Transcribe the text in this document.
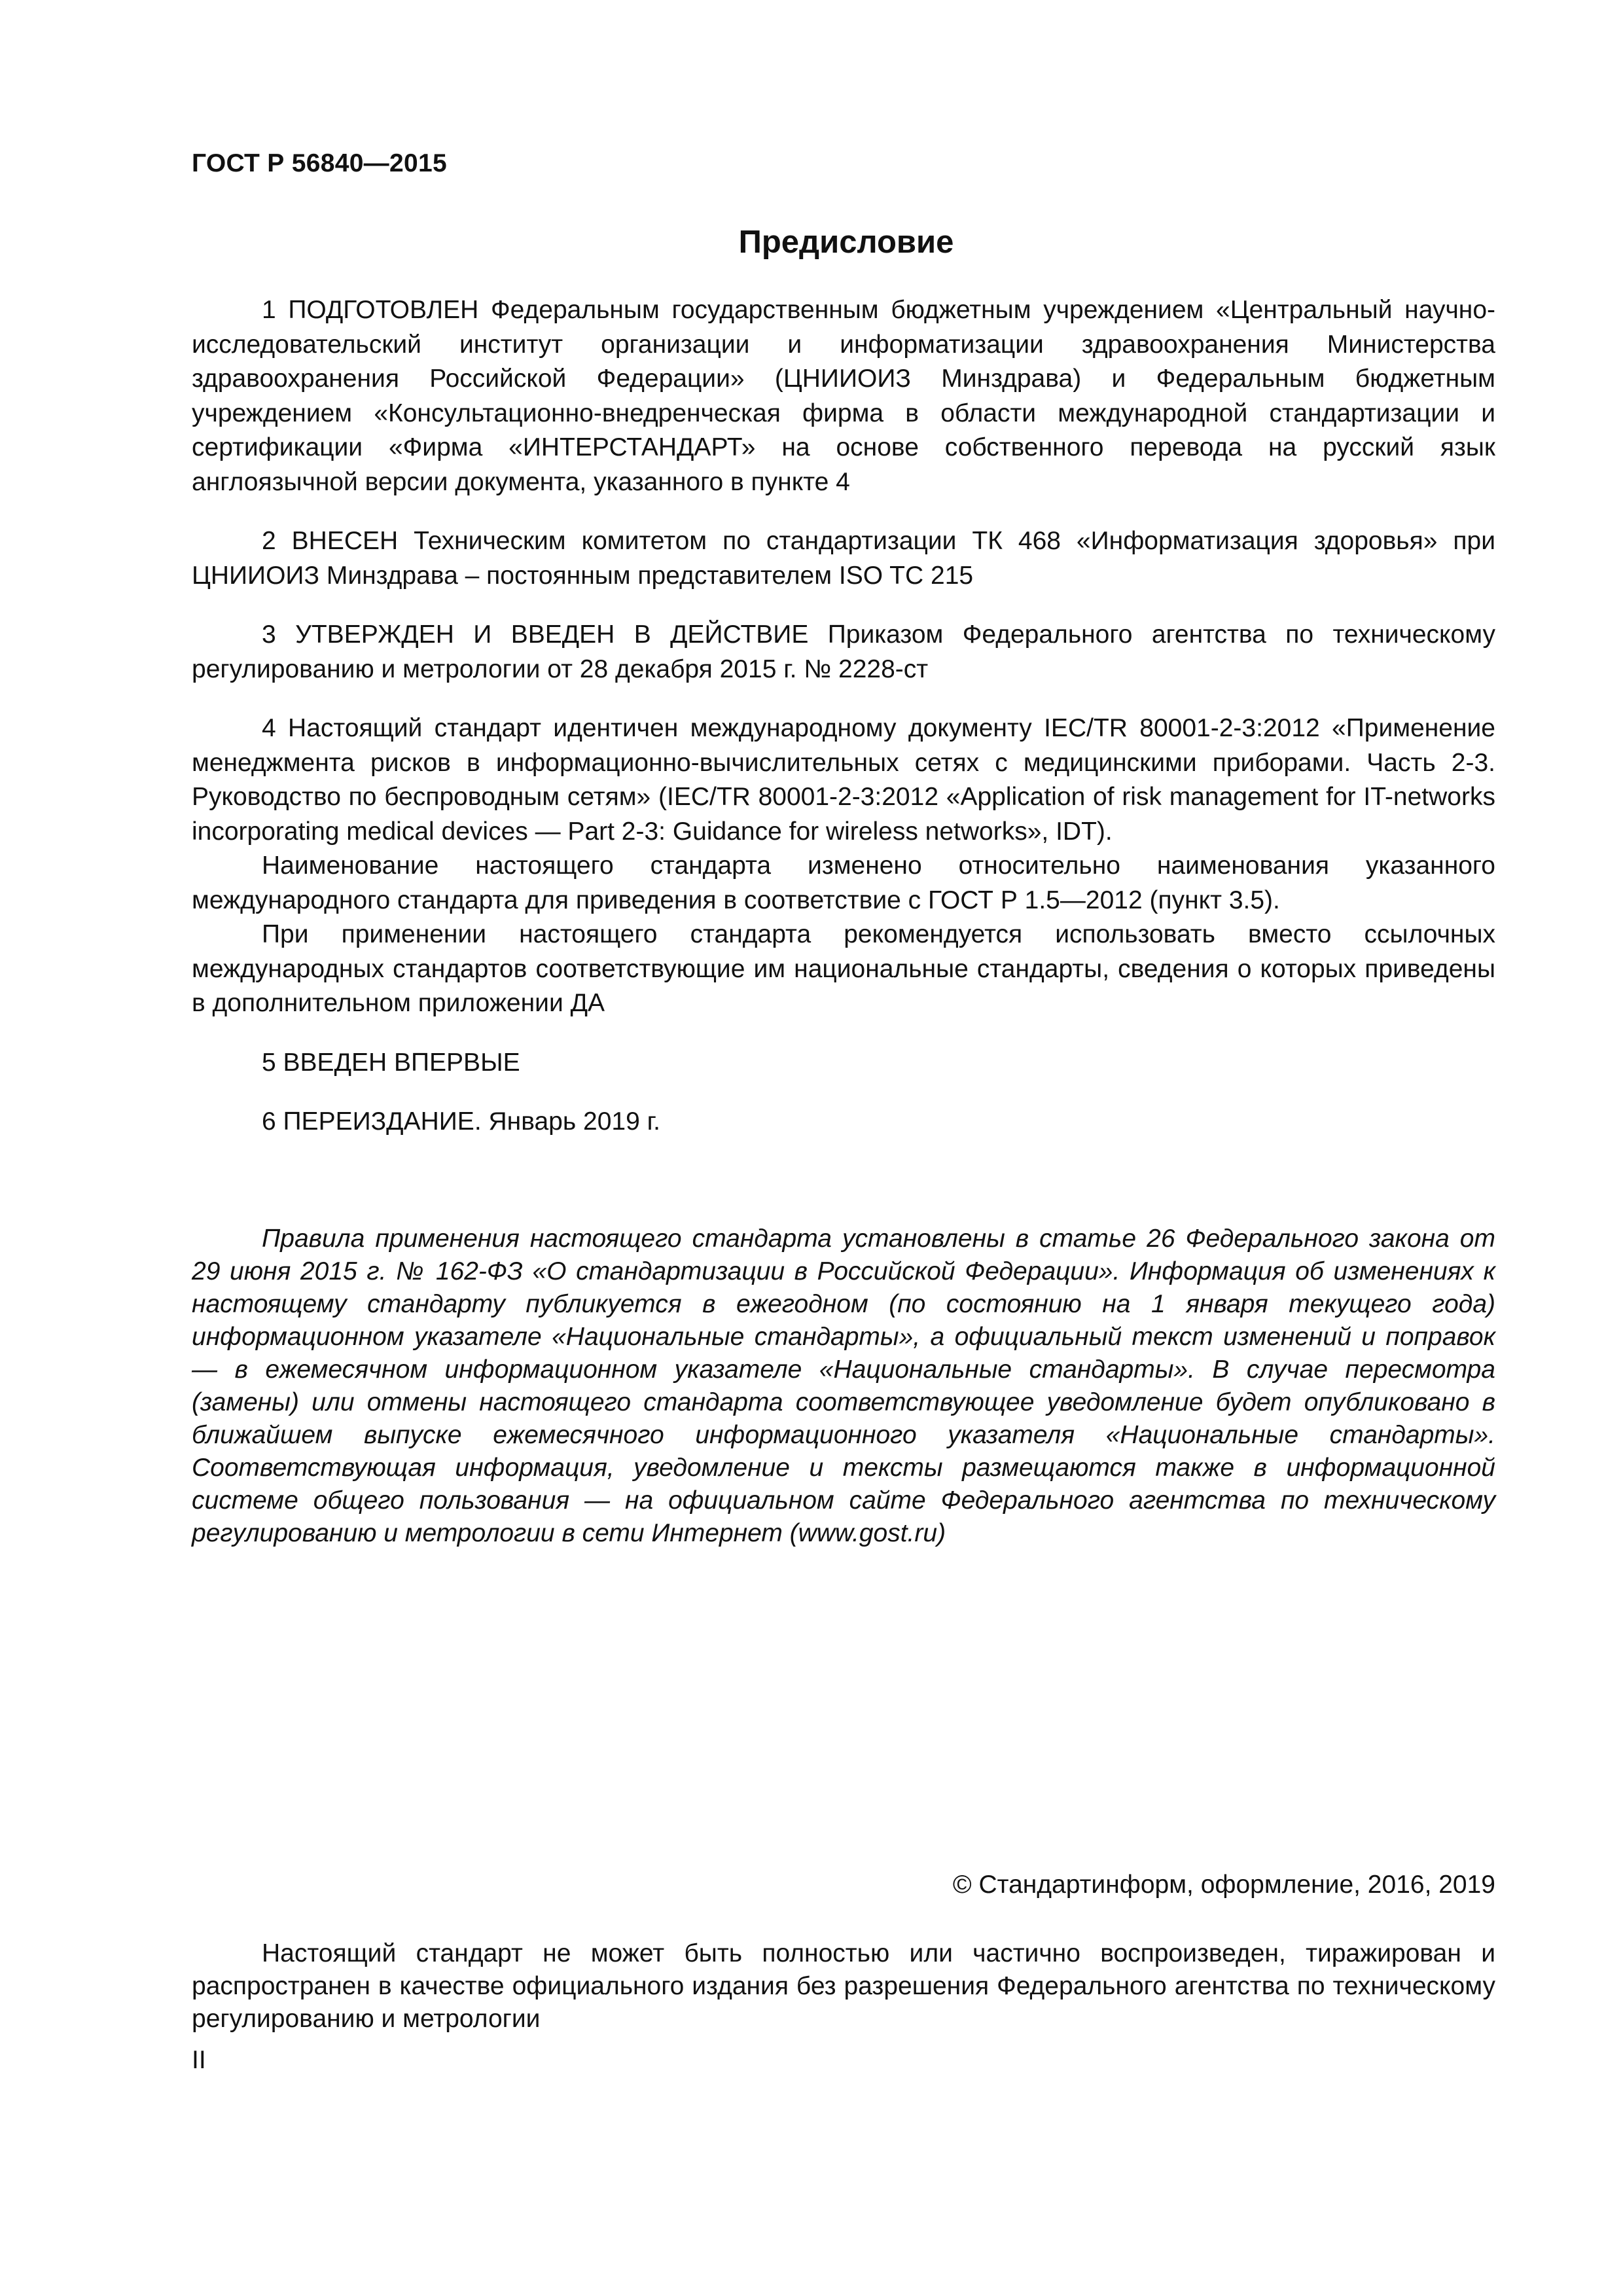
ГОСТ Р 56840—2015
Предисловие

1 ПОДГОТОВЛЕН Федеральным государственным бюджетным учреждением «Центральный научно-исследовательский институт организации и информатизации здравоохранения Министерства здравоохранения Российской Федерации» (ЦНИИОИЗ Минздрава) и Федеральным бюджетным учреждением «Консультационно-внедренческая фирма в области международной стандартизации и сертификации «Фирма «ИНТЕРСТАНДАРТ» на основе собственного перевода на русский язык англоязычной версии документа, указанного в пункте 4

2 ВНЕСЕН Техническим комитетом по стандартизации ТК 468 «Информатизация здоровья» при ЦНИИОИЗ Минздрава – постоянным представителем ISO TC 215

3 УТВЕРЖДЕН И ВВЕДЕН В ДЕЙСТВИЕ Приказом Федерального агентства по техническому регулированию и метрологии от 28 декабря 2015 г. № 2228-ст

4 Настоящий стандарт идентичен международному документу IEC/TR 80001-2-3:2012 «Применение менеджмента рисков в информационно-вычислительных сетях с медицинскими приборами. Часть 2-3. Руководство по беспроводным сетям» (IEC/TR 80001-2-3:2012 «Application of risk management for IT-networks incorporating medical devices — Part 2-3: Guidance for wireless networks», IDT).

Наименование настоящего стандарта изменено относительно наименования указанного международного стандарта для приведения в соответствие с ГОСТ Р 1.5—2012 (пункт 3.5).

При применении настоящего стандарта рекомендуется использовать вместо ссылочных международных стандартов соответствующие им национальные стандарты, сведения о которых приведены в дополнительном приложении ДА

5 ВВЕДЕН ВПЕРВЫЕ

6 ПЕРЕИЗДАНИЕ. Январь 2019 г.

Правила применения настоящего стандарта установлены в статье 26 Федерального закона от 29 июня 2015 г. № 162-ФЗ «О стандартизации в Российской Федерации». Информация об изменениях к настоящему стандарту публикуется в ежегодном (по состоянию на 1 января текущего года) информационном указателе «Национальные стандарты», а официальный текст изменений и поправок — в ежемесячном информационном указателе «Национальные стандарты». В случае пересмотра (замены) или отмены настоящего стандарта соответствующее уведомление будет опубликовано в ближайшем выпуске ежемесячного информационного указателя «Национальные стандарты». Соответствующая информация, уведомление и тексты размещаются также в информационной системе общего пользования — на официальном сайте Федерального агентства по техническому регулированию и метрологии в сети Интернет (www.gost.ru)

© Стандартинформ, оформление, 2016, 2019

Настоящий стандарт не может быть полностью или частично воспроизведен, тиражирован и распространен в качестве официального издания без разрешения Федерального агентства по техническому регулированию и метрологии

II
